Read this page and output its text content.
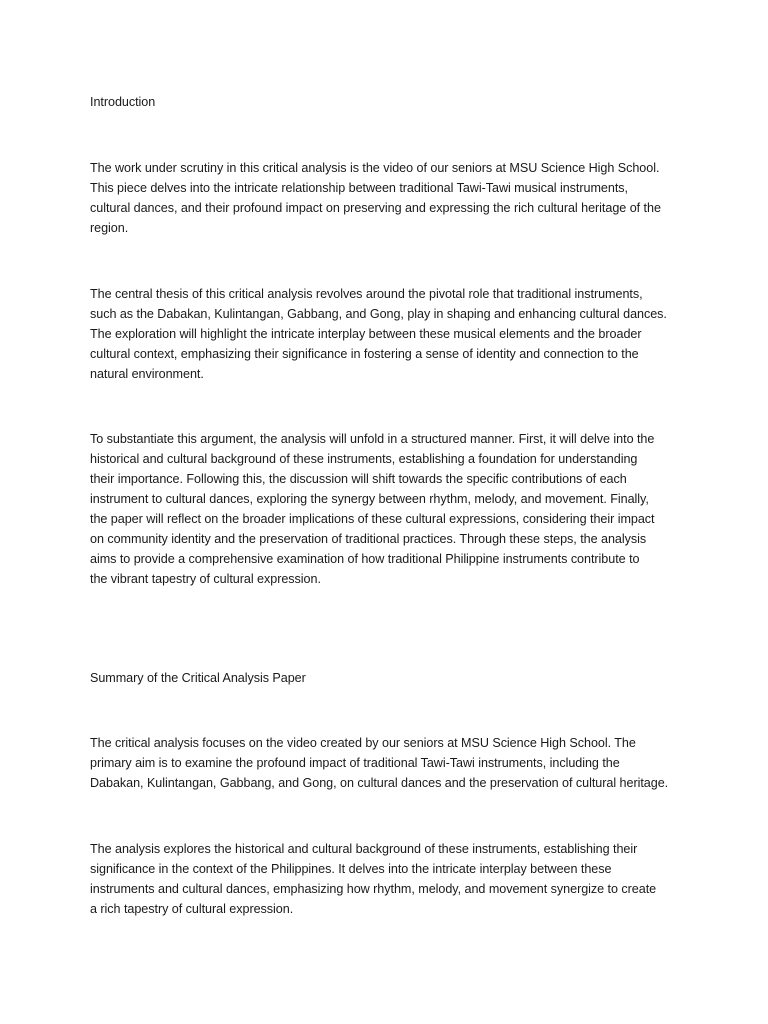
Introduction
The work under scrutiny in this critical analysis is the video of our seniors at MSU Science High School.
This piece delves into the intricate relationship between traditional Tawi-Tawi musical instruments,
cultural dances, and their profound impact on preserving and expressing the rich cultural heritage of the
region.
The central thesis of this critical analysis revolves around the pivotal role that traditional instruments,
such as the Dabakan, Kulintangan, Gabbang, and Gong, play in shaping and enhancing cultural dances.
The exploration will highlight the intricate interplay between these musical elements and the broader
cultural context, emphasizing their significance in fostering a sense of identity and connection to the
natural environment.
To substantiate this argument, the analysis will unfold in a structured manner. First, it will delve into the
historical and cultural background of these instruments, establishing a foundation for understanding
their importance. Following this, the discussion will shift towards the specific contributions of each
instrument to cultural dances, exploring the synergy between rhythm, melody, and movement. Finally,
the paper will reflect on the broader implications of these cultural expressions, considering their impact
on community identity and the preservation of traditional practices. Through these steps, the analysis
aims to provide a comprehensive examination of how traditional Philippine instruments contribute to
the vibrant tapestry of cultural expression.
Summary of the Critical Analysis Paper
The critical analysis focuses on the video created by our seniors at MSU Science High School. The
primary aim is to examine the profound impact of traditional Tawi-Tawi instruments, including the
Dabakan, Kulintangan, Gabbang, and Gong, on cultural dances and the preservation of cultural heritage.
The analysis explores the historical and cultural background of these instruments, establishing their
significance in the context of the Philippines. It delves into the intricate interplay between these
instruments and cultural dances, emphasizing how rhythm, melody, and movement synergize to create
a rich tapestry of cultural expression.
